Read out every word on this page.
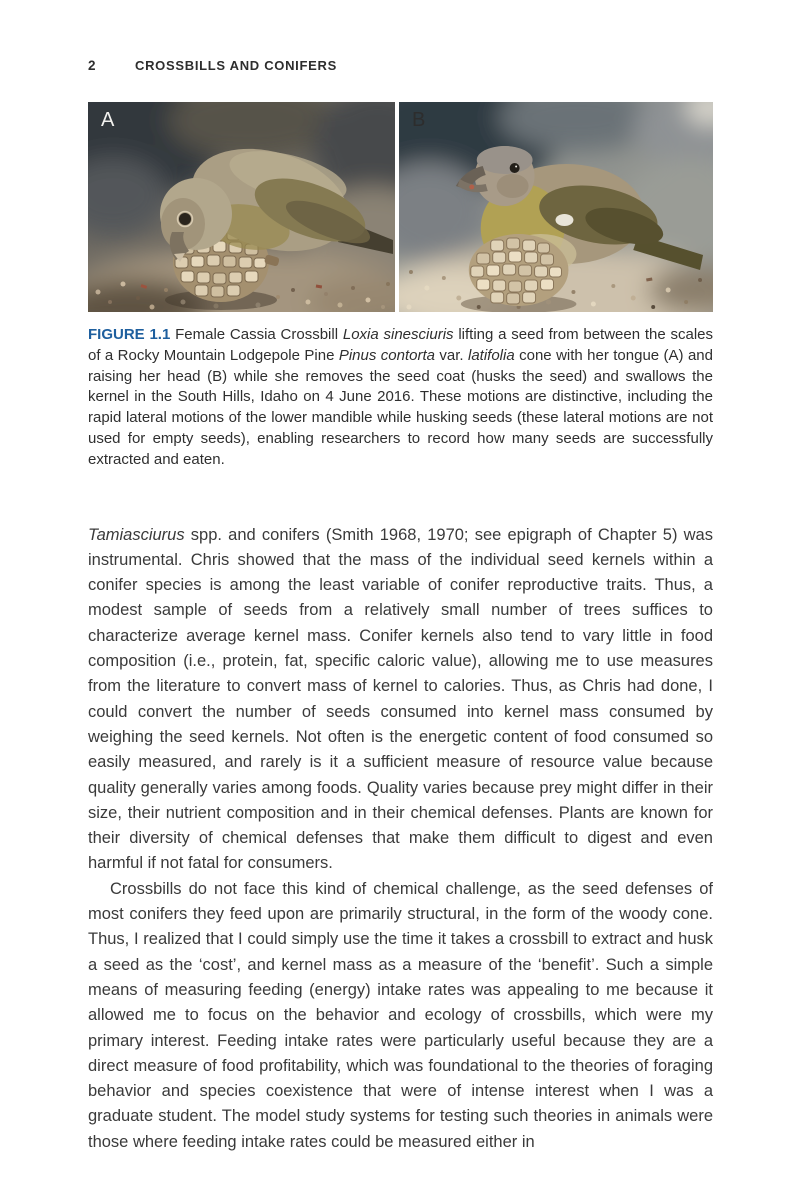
2	CROSSBILLS AND CONIFERS
A	B
FIGURE 1.1 Female Cassia Crossbill Loxia sinesciuris lifting a seed from between the scales of a Rocky Mountain Lodgepole Pine Pinus contorta var. latifolia cone with her tongue (A) and raising her head (B) while she removes the seed coat (husks the seed) and swallows the kernel in the South Hills, Idaho on 4 June 2016. These motions are distinctive, including the rapid lateral motions of the lower mandible while husking seeds (these lateral motions are not used for empty seeds), enabling researchers to record how many seeds are successfully extracted and eaten.

Tamiasciurus spp. and conifers (Smith 1968, 1970; see epigraph of Chapter 5) was instrumental. Chris showed that the mass of the individual seed kernels within a conifer species is among the least variable of conifer reproductive traits. Thus, a modest sample of seeds from a relatively small number of trees suffices to characterize average kernel mass. Conifer kernels also tend to vary little in food composition (i.e., protein, fat, specific caloric value), allowing me to use measures from the literature to convert mass of kernel to calories. Thus, as Chris had done, I could convert the number of seeds consumed into kernel mass consumed by weighing the seed kernels. Not often is the energetic content of food consumed so easily measured, and rarely is it a sufficient measure of resource value because quality generally varies among foods. Quality varies because prey might differ in their size, their nutrient composition and in their chemical defenses. Plants are known for their diversity of chemical defenses that make them difficult to digest and even harmful if not fatal for consumers.

Crossbills do not face this kind of chemical challenge, as the seed defenses of most conifers they feed upon are primarily structural, in the form of the woody cone. Thus, I realized that I could simply use the time it takes a crossbill to extract and husk a seed as the ‘cost’, and kernel mass as a measure of the ‘benefit’. Such a simple means of measuring feeding (energy) intake rates was appealing to me because it allowed me to focus on the behavior and ecology of crossbills, which were my primary interest. Feeding intake rates were particularly useful because they are a direct measure of food profitability, which was foundational to the theories of foraging behavior and species coexistence that were of intense interest when I was a graduate student. The model study systems for testing such theories in animals were those where feeding intake rates could be measured either in
